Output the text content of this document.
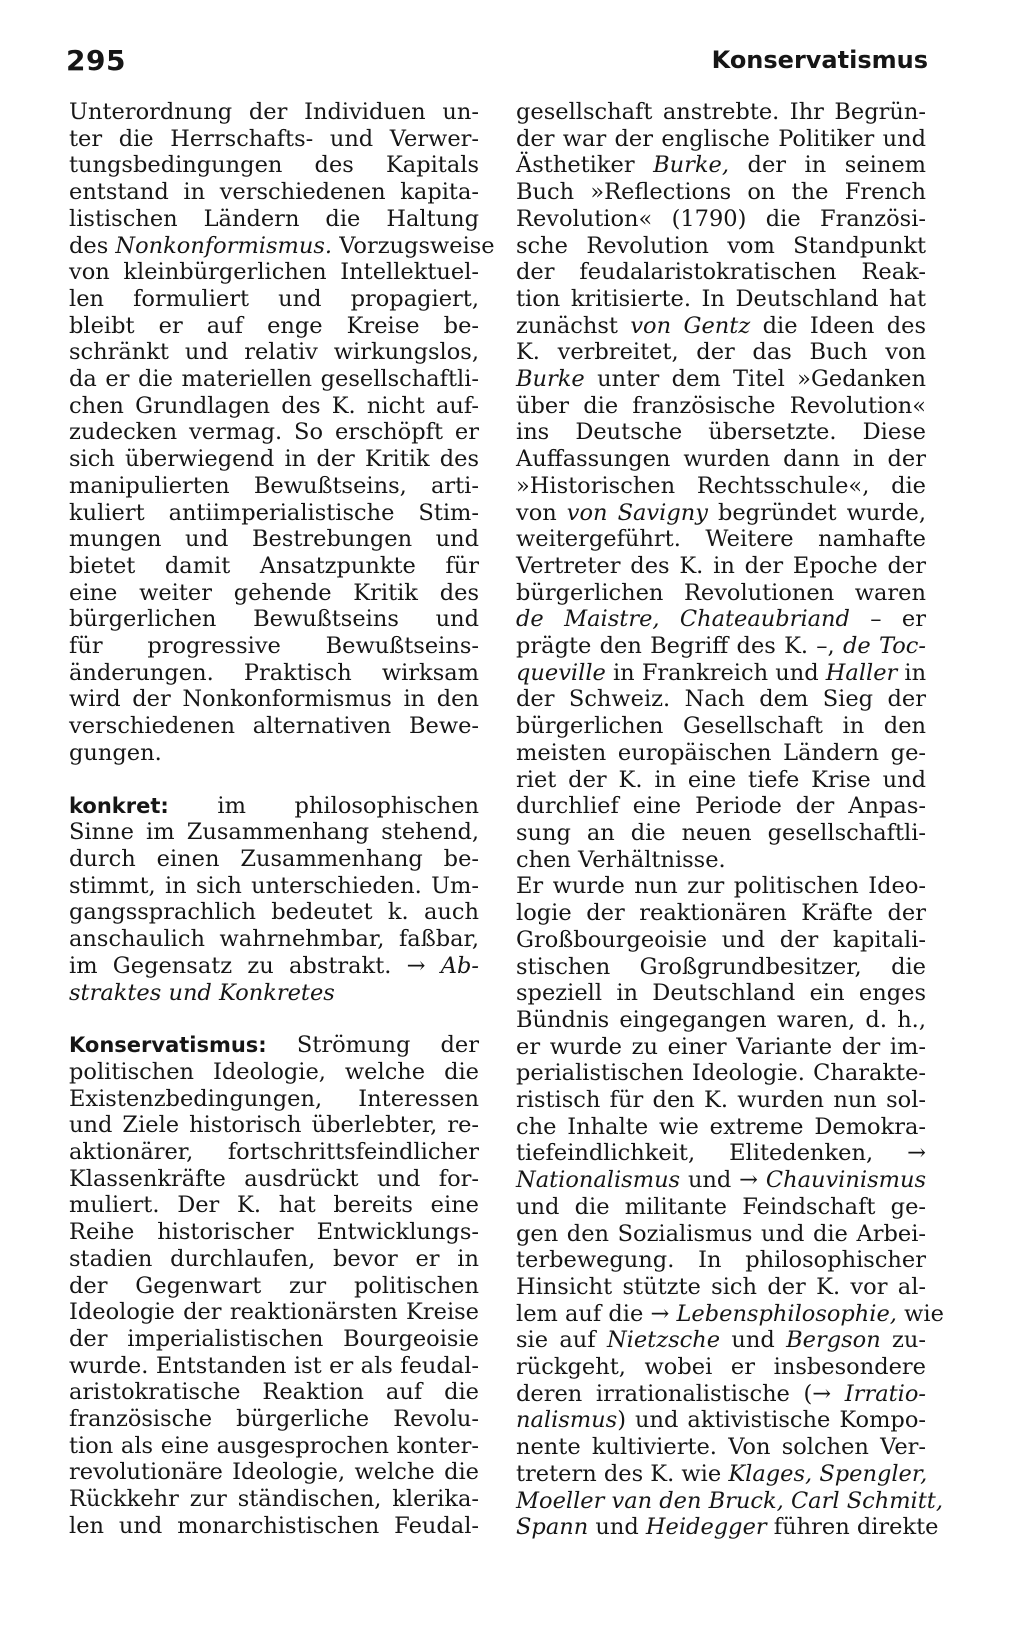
295	Konservatismus

Unterordnung der Individuen un-
ter die Herrschafts- und Verwer-
tungsbedingungen des Kapitals
entstand in verschiedenen kapita-
listischen Ländern die Haltung
des Nonkonformismus. Vorzugsweise
von kleinbürgerlichen Intellektuel-
len formuliert und propagiert,
bleibt er auf enge Kreise be-
schränkt und relativ wirkungslos,
da er die materiellen gesellschaftli-
chen Grundlagen des K. nicht auf-
zudecken vermag. So erschöpft er
sich überwiegend in der Kritik des
manipulierten Bewußtseins, arti-
kuliert antiimperialistische Stim-
mungen und Bestrebungen und
bietet damit Ansatzpunkte für
eine weiter gehende Kritik des
bürgerlichen Bewußtseins und
für progressive Bewußtseins-
änderungen. Praktisch wirksam
wird der Nonkonformismus in den
verschiedenen alternativen Bewe-
gungen.

konkret: im philosophischen
Sinne im Zusammenhang stehend,
durch einen Zusammenhang be-
stimmt, in sich unterschieden. Um-
gangssprachlich bedeutet k. auch
anschaulich wahrnehmbar, faßbar,
im Gegensatz zu abstrakt. → Ab-
straktes und Konkretes

Konservatismus: Strömung der
politischen Ideologie, welche die
Existenzbedingungen, Interessen
und Ziele historisch überlebter, re-
aktionärer, fortschrittsfeindlicher
Klassenkräfte ausdrückt und for-
muliert. Der K. hat bereits eine
Reihe historischer Entwicklungs-
stadien durchlaufen, bevor er in
der Gegenwart zur politischen
Ideologie der reaktionärsten Kreise
der imperialistischen Bourgeoisie
wurde. Entstanden ist er als feudal-
aristokratische Reaktion auf die
französische bürgerliche Revolu-
tion als eine ausgesprochen konter-
revolutionäre Ideologie, welche die
Rückkehr zur ständischen, klerika-
len und monarchistischen Feudal-

gesellschaft anstrebte. Ihr Begrün-
der war der englische Politiker und
Ästhetiker Burke, der in seinem
Buch »Reflections on the French
Revolution« (1790) die Französi-
sche Revolution vom Standpunkt
der feudalaristokratischen Reak-
tion kritisierte. In Deutschland hat
zunächst von Gentz die Ideen des
K. verbreitet, der das Buch von
Burke unter dem Titel »Gedanken
über die französische Revolution«
ins Deutsche übersetzte. Diese
Auffassungen wurden dann in der
»Historischen Rechtsschule«, die
von von Savigny begründet wurde,
weitergeführt. Weitere namhafte
Vertreter des K. in der Epoche der
bürgerlichen Revolutionen waren
de Maistre, Chateaubriand – er
prägte den Begriff des K. –, de Toc-
queville in Frankreich und Haller in
der Schweiz. Nach dem Sieg der
bürgerlichen Gesellschaft in den
meisten europäischen Ländern ge-
riet der K. in eine tiefe Krise und
durchlief eine Periode der Anpas-
sung an die neuen gesellschaftli-
chen Verhältnisse.

Er wurde nun zur politischen Ideo-
logie der reaktionären Kräfte der
Großbourgeoisie und der kapitali-
stischen Großgrundbesitzer, die
speziell in Deutschland ein enges
Bündnis eingegangen waren, d. h.,
er wurde zu einer Variante der im-
perialistischen Ideologie. Charakte-
ristisch für den K. wurden nun sol-
che Inhalte wie extreme Demokra-
tiefeindlichkeit, Elitedenken, →
Nationalismus und → Chauvinismus
und die militante Feindschaft ge-
gen den Sozialismus und die Arbei-
terbewegung. In philosophischer
Hinsicht stützte sich der K. vor al-
lem auf die → Lebensphilosophie, wie
sie auf Nietzsche und Bergson zu-
rückgeht, wobei er insbesondere
deren irrationalistische (→ Irratio-
nalismus) und aktivistische Kompo-
nente kultivierte. Von solchen Ver-
tretern des K. wie Klages, Spengler,
Moeller van den Bruck, Carl Schmitt,
Spann und Heidegger führen direkte
